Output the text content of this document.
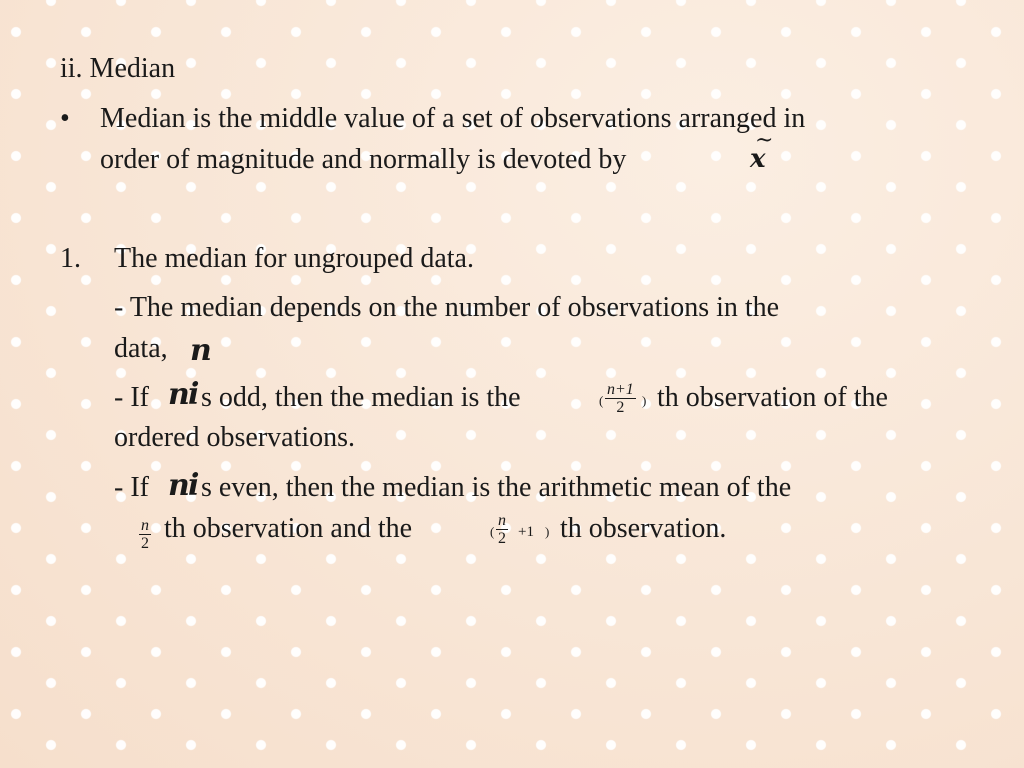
ii. Median
• Median is the middle value of a set of observations arranged in
order of magnitude and normally is devoted by
~
x
1. The median for ungrouped data.
- The median depends on the number of observations in the
data, n
- If n
i s odd, then the median is the	( $\frac{n+1}{2}$ ) th observation of the
ordered observations.
- If n
i s even, then the median is the arithmetic mean of the
$\frac{n}{2}$ th observation and the	( $\frac{n}{2} +1$ ) th observation.
